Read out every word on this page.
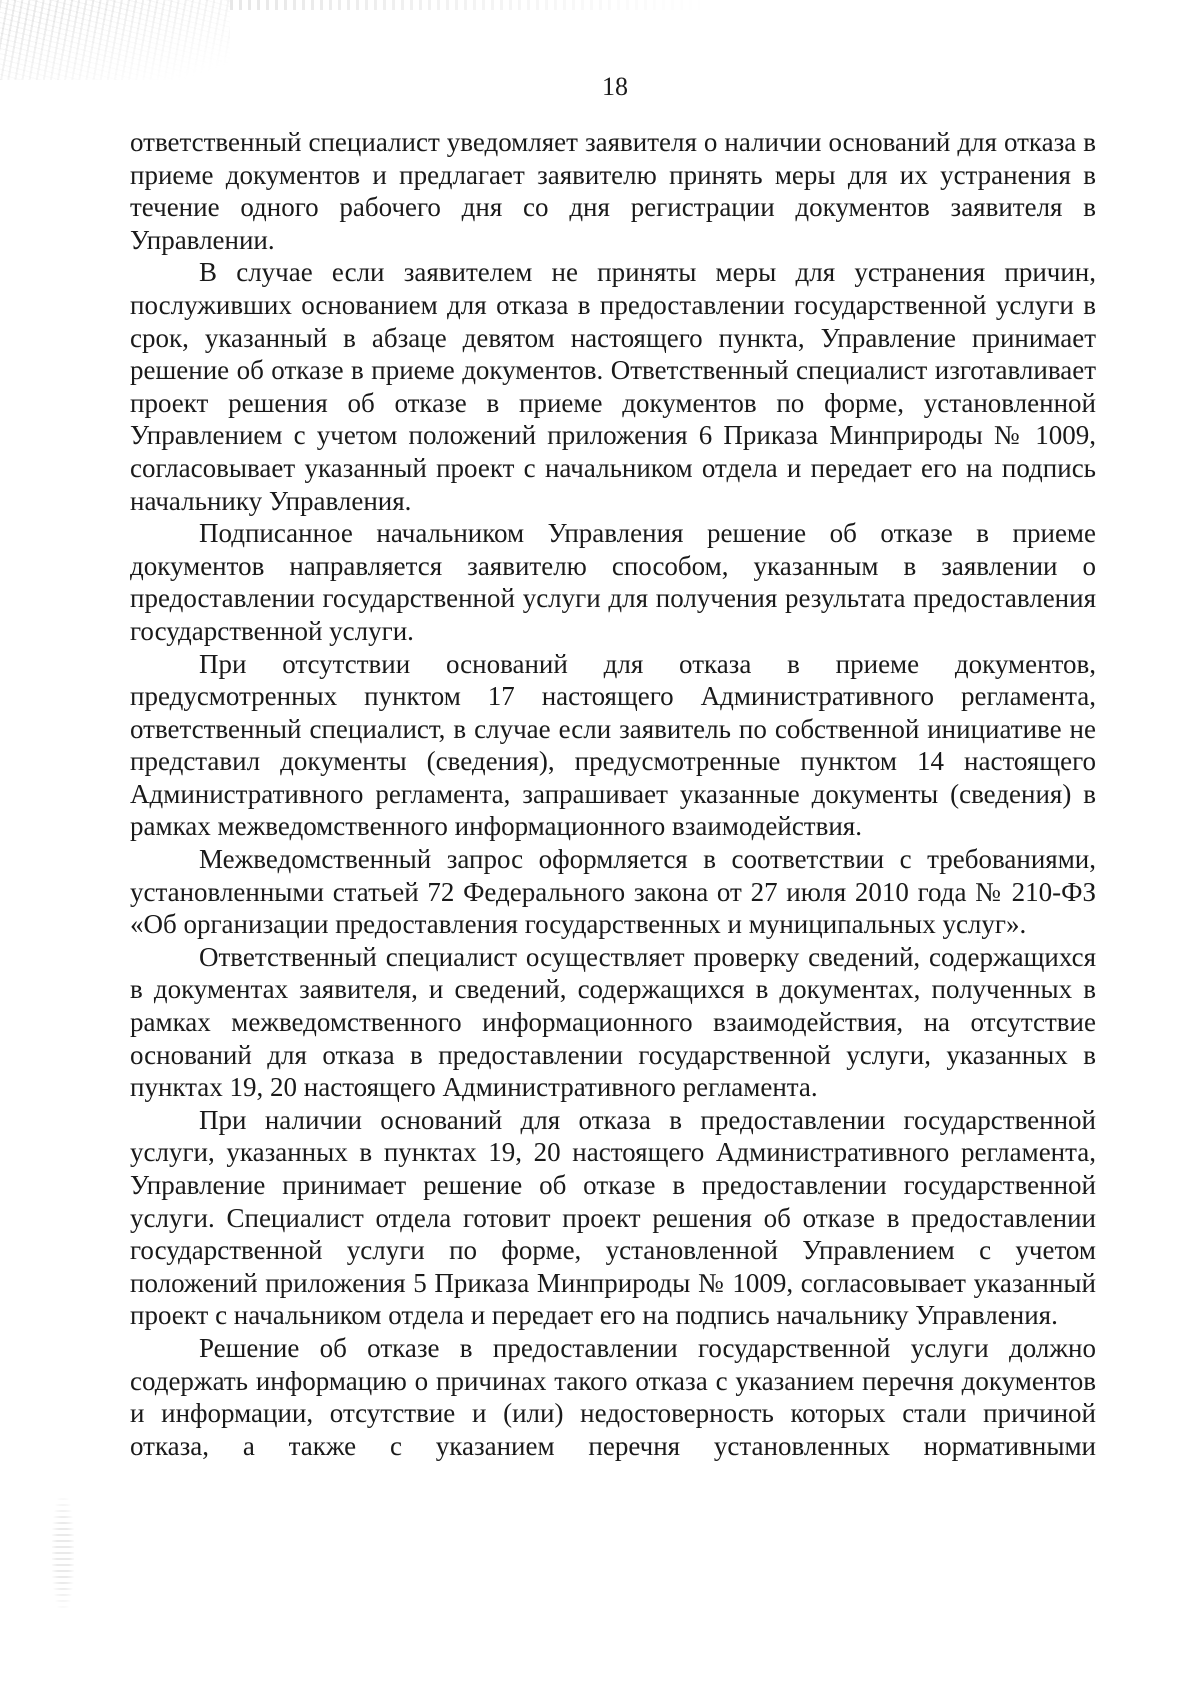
18

ответственный специалист уведомляет заявителя о наличии оснований для отказа в приеме документов и предлагает заявителю принять меры для их устранения в течение одного рабочего дня со дня регистрации документов заявителя в Управлении.

В случае если заявителем не приняты меры для устранения причин, послуживших основанием для отказа в предоставлении государственной услуги в срок, указанный в абзаце девятом настоящего пункта, Управление принимает решение об отказе в приеме документов. Ответственный специалист изготавливает проект решения об отказе в приеме документов по форме, установленной Управлением с учетом положений приложения 6 Приказа Минприроды № 1009, согласовывает указанный проект с начальником отдела и передает его на подпись начальнику Управления.

Подписанное начальником Управления решение об отказе в приеме документов направляется заявителю способом, указанным в заявлении о предоставлении государственной услуги для получения результата предоставления государственной услуги.

При отсутствии оснований для отказа в приеме документов, предусмотренных пунктом 17 настоящего Административного регламента, ответственный специалист, в случае если заявитель по собственной инициативе не представил документы (сведения), предусмотренные пунктом 14 настоящего Административного регламента, запрашивает указанные документы (сведения) в рамках межведомственного информационного взаимодействия.

Межведомственный запрос оформляется в соответствии с требованиями, установленными статьей 72 Федерального закона от 27 июля 2010 года № 210-ФЗ «Об организации предоставления государственных и муниципальных услуг».

Ответственный специалист осуществляет проверку сведений, содержащихся в документах заявителя, и сведений, содержащихся в документах, полученных в рамках межведомственного информационного взаимодействия, на отсутствие оснований для отказа в предоставлении государственной услуги, указанных в пунктах 19, 20 настоящего Административного регламента.

При наличии оснований для отказа в предоставлении государственной услуги, указанных в пунктах 19, 20 настоящего Административного регламента, Управление принимает решение об отказе в предоставлении государственной услуги. Специалист отдела готовит проект решения об отказе в предоставлении государственной услуги по форме, установленной Управлением с учетом положений приложения 5 Приказа Минприроды № 1009, согласовывает указанный проект с начальником отдела и передает его на подпись начальнику Управления.

Решение об отказе в предоставлении государственной услуги должно содержать информацию о причинах такого отказа с указанием перечня документов и информации, отсутствие и (или) недостоверность которых стали причиной отказа, а также с указанием перечня установленных нормативными
